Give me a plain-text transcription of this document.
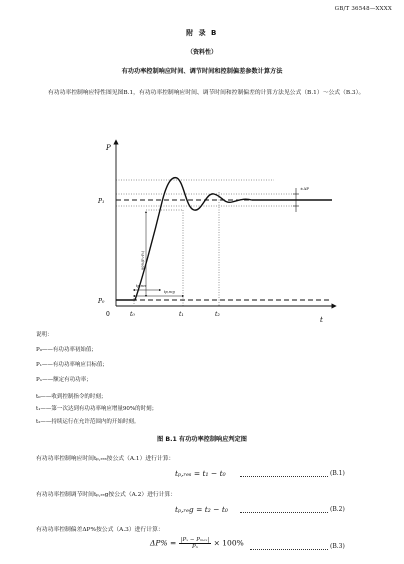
GB/T 36548—XXXX
附 录 B
（资料性）
有功功率控制响应时间、调节时间和控制偏差参数计算方法
有功功率控制响应特性图见图B.1，有功功率控制响应时间、调节时间和控制偏差的计算方法见公式（B.1）～公式（B.3）。
P
t
0
P₁
P₀
t₀	t₁	t₂
±ΔP
tp,res
tp,reg
90%(P₁-P₀)
说明：
P₀——有功功率初始值；
P₁——有功功率响应目标值；
Pₙ——额定有功功率；
t₀——收到控制指令的时刻；
t₁——第一次达到有功功率响应增量90%的时刻；
t₂——持续运行在允许范围内的开始时刻。
图 B.1 有功功率控制响应判定图
有功功率控制响应时间tₚ,ᵣₑₛ按公式（A.1）进行计算：
tₚ,ᵣₑₛ = t₁ − t₀	(B.1)
有功功率控制调节时间tₚ,ᵣₑg按公式（A.2）进行计算：
tₚ,ᵣₑg = t₂ − t₀	(B.2)
有功功率控制偏差ΔP%按公式（A.3）进行计算：
$\Delta P\% = \frac{\text{|Pₓ − Pₘₐₓ|}}{\text{Pₙ}} \times 100\%$	(B.3)
